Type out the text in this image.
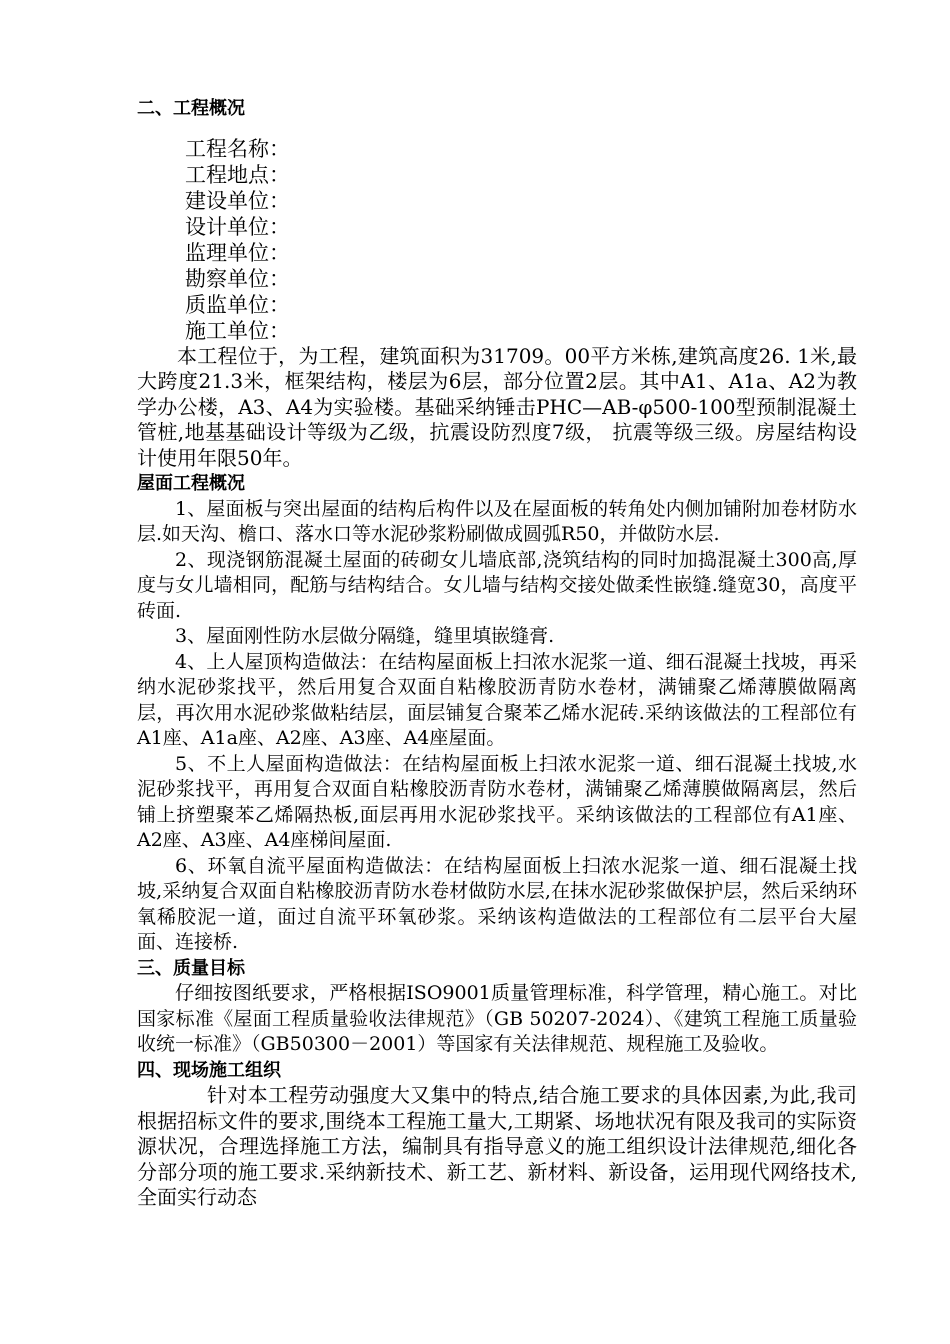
二、工程概况

工程名称：

工程地点：

建设单位：

设计单位：

监理单位：

勘察单位：

质监单位：

施工单位：

本工程位于，为工程，建筑面积为31709。00平方米栋,建筑高度26. 1米,最大跨度21.3米，框架结构，楼层为6层，部分位置2层。其中A1、A1a、A2为教学办公楼，A3、A4为实验楼。基础采纳锤击PHC—AB-φ500-100型预制混凝土管桩,地基基础设计等级为乙级，抗震设防烈度7级， 抗震等级三级。房屋结构设计使用年限50年。

屋面工程概况

1、屋面板与突出屋面的结构后构件以及在屋面板的转角处内侧加铺附加卷材防水层.如天沟、檐口、落水口等水泥砂浆粉刷做成圆弧R50，并做防水层.

2、现浇钢筋混凝土屋面的砖砌女儿墙底部,浇筑结构的同时加捣混凝土300高,厚度与女儿墙相同，配筋与结构结合。女儿墙与结构交接处做柔性嵌缝.缝宽30，高度平砖面.

3、屋面刚性防水层做分隔缝，缝里填嵌缝膏.

4、上人屋顶构造做法：在结构屋面板上扫浓水泥浆一道、细石混凝土找坡，再采纳水泥砂浆找平，然后用复合双面自粘橡胶沥青防水卷材，满铺聚乙烯薄膜做隔离层，再次用水泥砂浆做粘结层，面层铺复合聚苯乙烯水泥砖.采纳该做法的工程部位有A1座、A1a座、A2座、A3座、A4座屋面。

5、不上人屋面构造做法：在结构屋面板上扫浓水泥浆一道、细石混凝土找坡,水泥砂浆找平，再用复合双面自粘橡胶沥青防水卷材，满铺聚乙烯薄膜做隔离层，然后铺上挤塑聚苯乙烯隔热板,面层再用水泥砂浆找平。采纳该做法的工程部位有A1座、A2座、A3座、A4座梯间屋面.

6、环氧自流平屋面构造做法：在结构屋面板上扫浓水泥浆一道、细石混凝土找坡,采纳复合双面自粘橡胶沥青防水卷材做防水层,在抹水泥砂浆做保护层，然后采纳环氧稀胶泥一道，面过自流平环氧砂浆。采纳该构造做法的工程部位有二层平台大屋面、连接桥.

三、质量目标

仔细按图纸要求，严格根据ISO9001质量管理标准，科学管理，精心施工。对比国家标准《屋面工程质量验收法律规范》（GB 50207-2024）、《建筑工程施工质量验收统一标准》（GB50300－2001）等国家有关法律规范、规程施工及验收。

四、现场施工组织

针对本工程劳动强度大又集中的特点,结合施工要求的具体因素,为此,我司根据招标文件的要求,围绕本工程施工量大,工期紧、场地状况有限及我司的实际资源状况，合理选择施工方法，编制具有指导意义的施工组织设计法律规范,细化各分部分项的施工要求.采纳新技术、新工艺、新材料、新设备，运用现代网络技术,全面实行动态
